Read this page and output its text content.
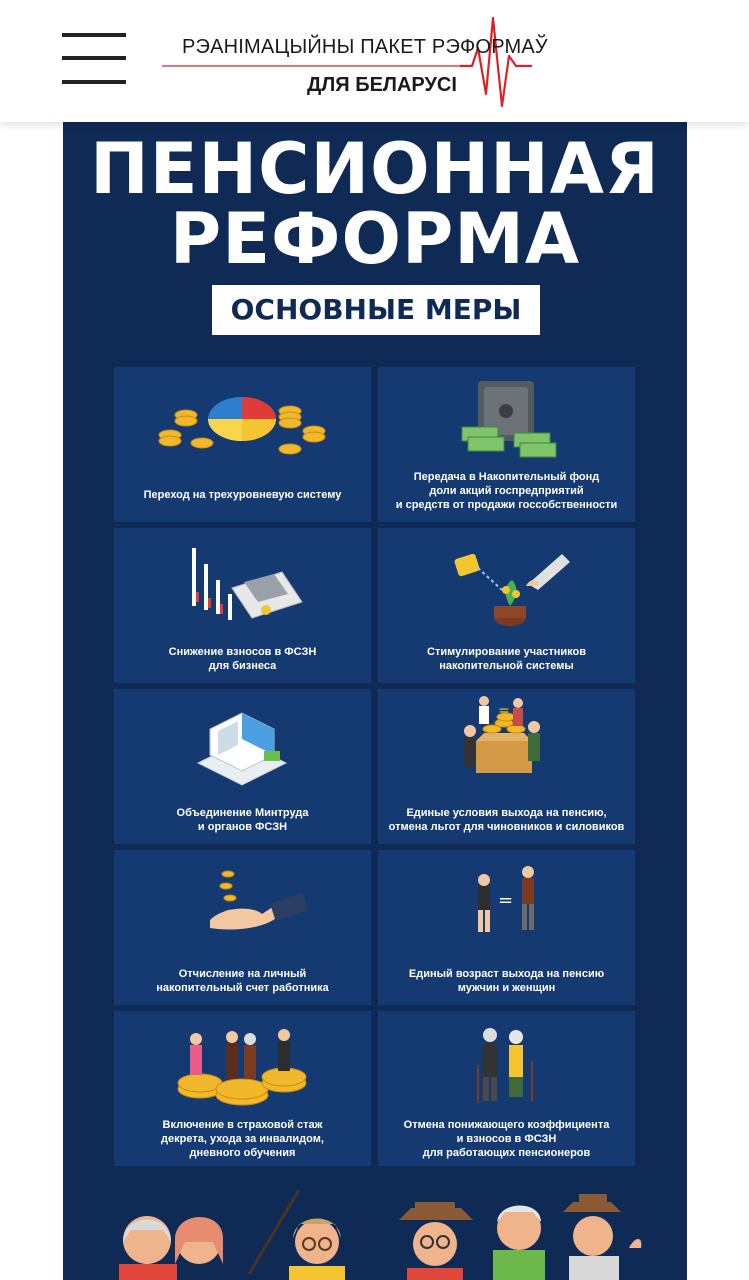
РЭАНІМАЦЫЙНЫ ПАКЕТ РЭФОРМАЎ
ДЛЯ БЕЛАРУСІ
ПЕНСИОННАЯ
РЕФОРМА
ОСНОВНЫЕ МЕРЫ
Переход на трехуровневую систему
Передача в Накопительный фонд
доли акций госпредприятий
и средств от продажи госсобственности
Снижение взносов в ФСЗН
для бизнеса
Стимулирование участников
накопительной системы
Объединение Минтруда
и органов ФСЗН
=
Единые условия выхода на пенсию,
отмена льгот для чиновников и силовиков
Отчисление на личный
накопительный счет работника
=
Единый возраст выхода на пенсию
мужчин и женщин
Включение в страховой стаж
декрета, ухода за инвалидом,
дневного обучения
Отмена понижающего коэффициента
и взносов в ФСЗН
для работающих пенсионеров
